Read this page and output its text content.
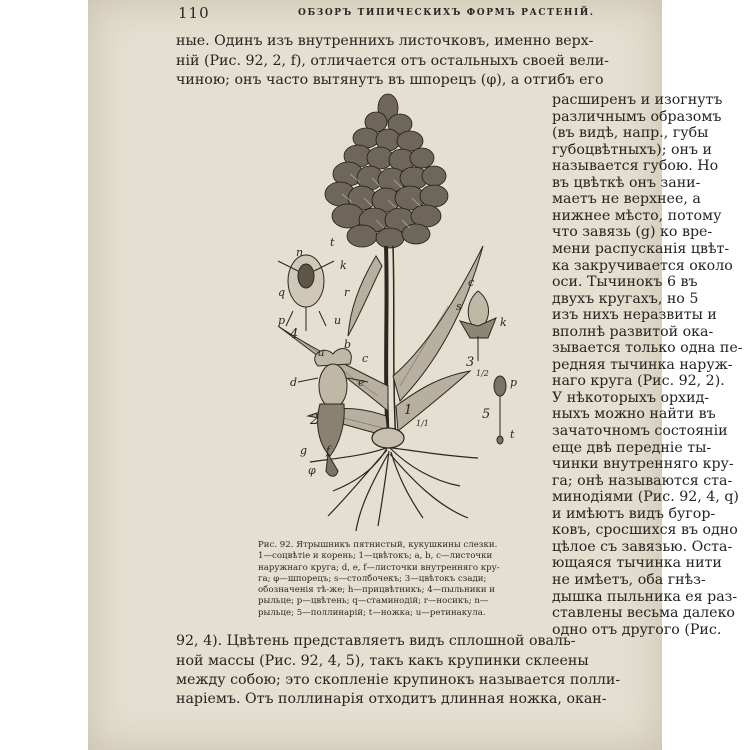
110	ОБЗОРЪ ТИПИЧЕСКИХЪ ФОРМЪ РАСТЕНІЙ.
ные. Одинъ изъ внутреннихъ листочковъ, именно верх-
ній (Рис. 92, 2, f), отличается отъ остальныхъ своей вели-
чиною; онъ часто вытянутъ въ шпорецъ (φ), а отгибъ его
расширенъ и изогнутъ
различнымъ образомъ
(въ видѣ, напр., губы
губоцвѣтныхъ); онъ и
называется губою. Но
въ цвѣткѣ онъ зани-
маетъ не верхнее, а
нижнее мѣсто, потому
что завязь (g) ко вре-
мени распусканія цвѣт-
ка закручивается около
оси. Тычинокъ 6 въ
двухъ кругахъ, но 5
изъ нихъ неразвиты и
вполнѣ развитой ока-
зывается только одна пе-
редняя тычинка наруж-
наго круга (Рис. 92, 2).
У нѣкоторыхъ орхид-
ныхъ можно найти въ
зачаточномъ состояніи
еще двѣ передніе ты-
чинки внутренняго кру-
га; онѣ называются ста-
минодіями (Рис. 92, 4, q)
и имѣютъ видъ бугор-
ковъ, сросшихся въ одно
цѣлое съ завязью. Оста-
ющаяся тычинка нити
не имѣетъ, оба гнѣз-
дышка пыльника ея раз-
ставлены весьма далеко
одно отъ другого (Рис.
n
t
k
q	r
p	u
4
a
b
c
d	e
2
g f
φ
c
s
k
3
1/2
p
5
t
1
1/1
Рис. 92. Ятрышникъ пятнистый, кукушкины слезки.
1—соцвѣтіе и корень; 1—цвѣтокъ; a, b, c—листочки
наружнаго круга; d, e, f—листочки внутренняго кру-
га; φ—шпорецъ; s—столбочекъ; 3—цвѣтокъ сзади;
обозначенія тѣ-же; h—прицвѣтникъ; 4—пыльники и
рыльце; p—цвѣтень; q—стаминодій; r—носикъ; n—
рыльце; 5—поллинарій; t—ножка; u—ретинакула.
92, 4). Цвѣтень представляетъ видъ сплошной оваль-
ной массы (Рис. 92, 4, 5), такъ какъ крупинки склеены
между собою; это скопленіе крупинокъ называется полли-
наріемъ. Отъ поллинарія отходитъ длинная ножка, окан-
